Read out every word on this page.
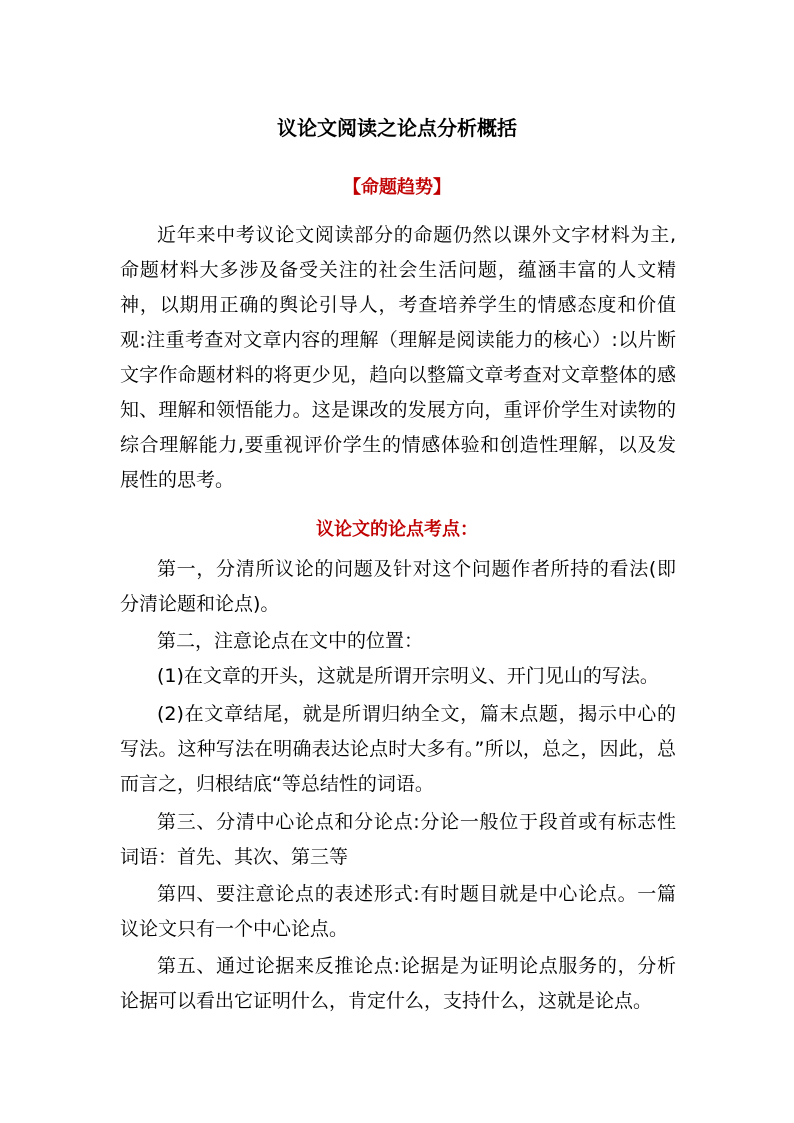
议论文阅读之论点分析概括
【命题趋势】

近年来中考议论文阅读部分的命题仍然以课外文字材料为主,命题材料大多涉及备受关注的社会生活问题，蕴涵丰富的人文精神，以期用正确的舆论引导人，考查培养学生的情感态度和价值观:注重考查对文章内容的理解（理解是阅读能力的核心）:以片断文字作命题材料的将更少见，趋向以整篇文章考查对文章整体的感知、理解和领悟能力。这是课改的发展方向，重评价学生对读物的综合理解能力,要重视评价学生的情感体验和创造性理解，以及发展性的思考。

议论文的论点考点：

第一，分清所议论的问题及针对这个问题作者所持的看法(即分清论题和论点)。

第二，注意论点在文中的位置：

(1)在文章的开头，这就是所谓开宗明义、开门见山的写法。

(2)在文章结尾，就是所谓归纳全文，篇末点题，揭示中心的写法。这种写法在明确表达论点时大多有。”所以，总之，因此，总而言之，归根结底“等总结性的词语。

第三、分清中心论点和分论点:分论一般位于段首或有标志性词语：首先、其次、第三等

第四、要注意论点的表述形式:有时题目就是中心论点。一篇议论文只有一个中心论点。

第五、通过论据来反推论点:论据是为证明论点服务的，分析论据可以看出它证明什么，肯定什么，支持什么，这就是论点。
